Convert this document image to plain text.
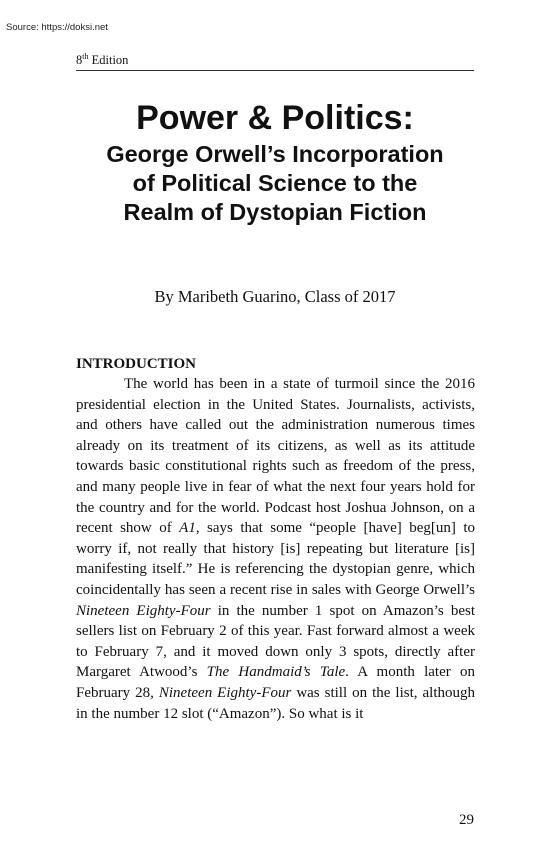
Source: https://doksi.net
8th Edition
Power & Politics:
George Orwell’s Incorporation
of Political Science to the
Realm of Dystopian Fiction
By Maribeth Guarino, Class of 2017
INTRODUCTION

The world has been in a state of turmoil since the 2016 presidential election in the United States. Journalists, activists, and others have called out the administration numerous times already on its treatment of its citizens, as well as its attitude towards basic constitutional rights such as freedom of the press, and many people live in fear of what the next four years hold for the country and for the world. Podcast host Joshua Johnson, on a recent show of A1, says that some “people [have] beg[un] to worry if, not really that history [is] repeating but literature [is] manifesting itself.” He is referencing the dystopian genre, which coincidentally has seen a recent rise in sales with George Orwell’s Nineteen Eighty-Four in the number 1 spot on Amazon’s best sellers list on February 2 of this year. Fast forward almost a week to February 7, and it moved down only 3 spots, directly after Margaret Atwood’s The Handmaid’s Tale. A month later on February 28, Nineteen Eighty-Four was still on the list, although in the number 12 slot (“Amazon”). So what is it

29
